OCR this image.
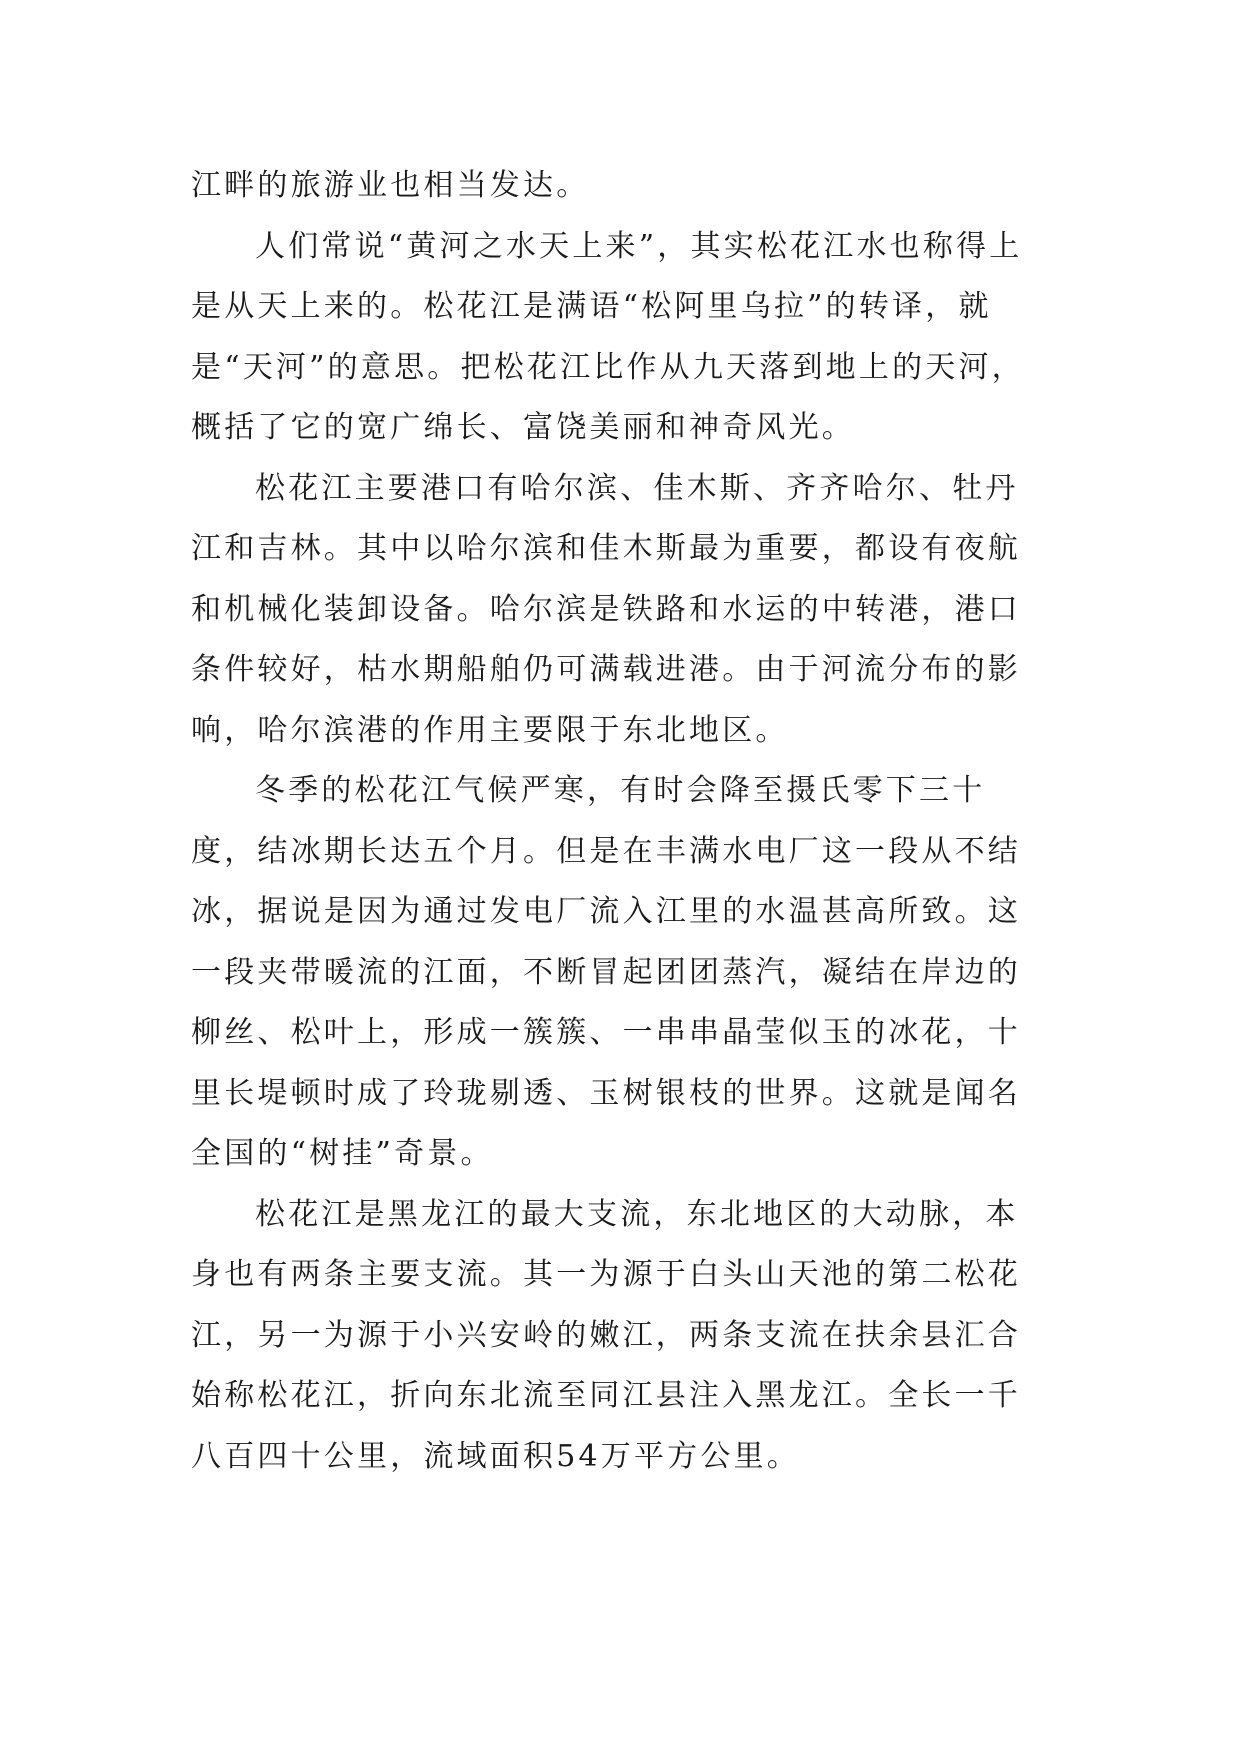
江畔的旅游业也相当发达。

人们常说“黄河之水天上来”，其实松花江水也称得上是从天上来的。松花江是满语“松阿里乌拉”的转译，就是“天河”的意思。把松花江比作从九天落到地上的天河，概括了它的宽广绵长、富饶美丽和神奇风光。

松花江主要港口有哈尔滨、佳木斯、齐齐哈尔、牡丹江和吉林。其中以哈尔滨和佳木斯最为重要，都设有夜航和机械化装卸设备。哈尔滨是铁路和水运的中转港，港口条件较好，枯水期船舶仍可满载进港。由于河流分布的影响，哈尔滨港的作用主要限于东北地区。

冬季的松花江气候严寒，有时会降至摄氏零下三十度，结冰期长达五个月。但是在丰满水电厂这一段从不结冰，据说是因为通过发电厂流入江里的水温甚高所致。这一段夹带暖流的江面，不断冒起团团蒸汽，凝结在岸边的柳丝、松叶上，形成一簇簇、一串串晶莹似玉的冰花，十里长堤顿时成了玲珑剔透、玉树银枝的世界。这就是闻名全国的“树挂”奇景。

松花江是黑龙江的最大支流，东北地区的大动脉，本身也有两条主要支流。其一为源于白头山天池的第二松花江，另一为源于小兴安岭的嫩江，两条支流在扶余县汇合始称松花江，折向东北流至同江县注入黑龙江。全长一千八百四十公里，流域面积54万平方公里。
